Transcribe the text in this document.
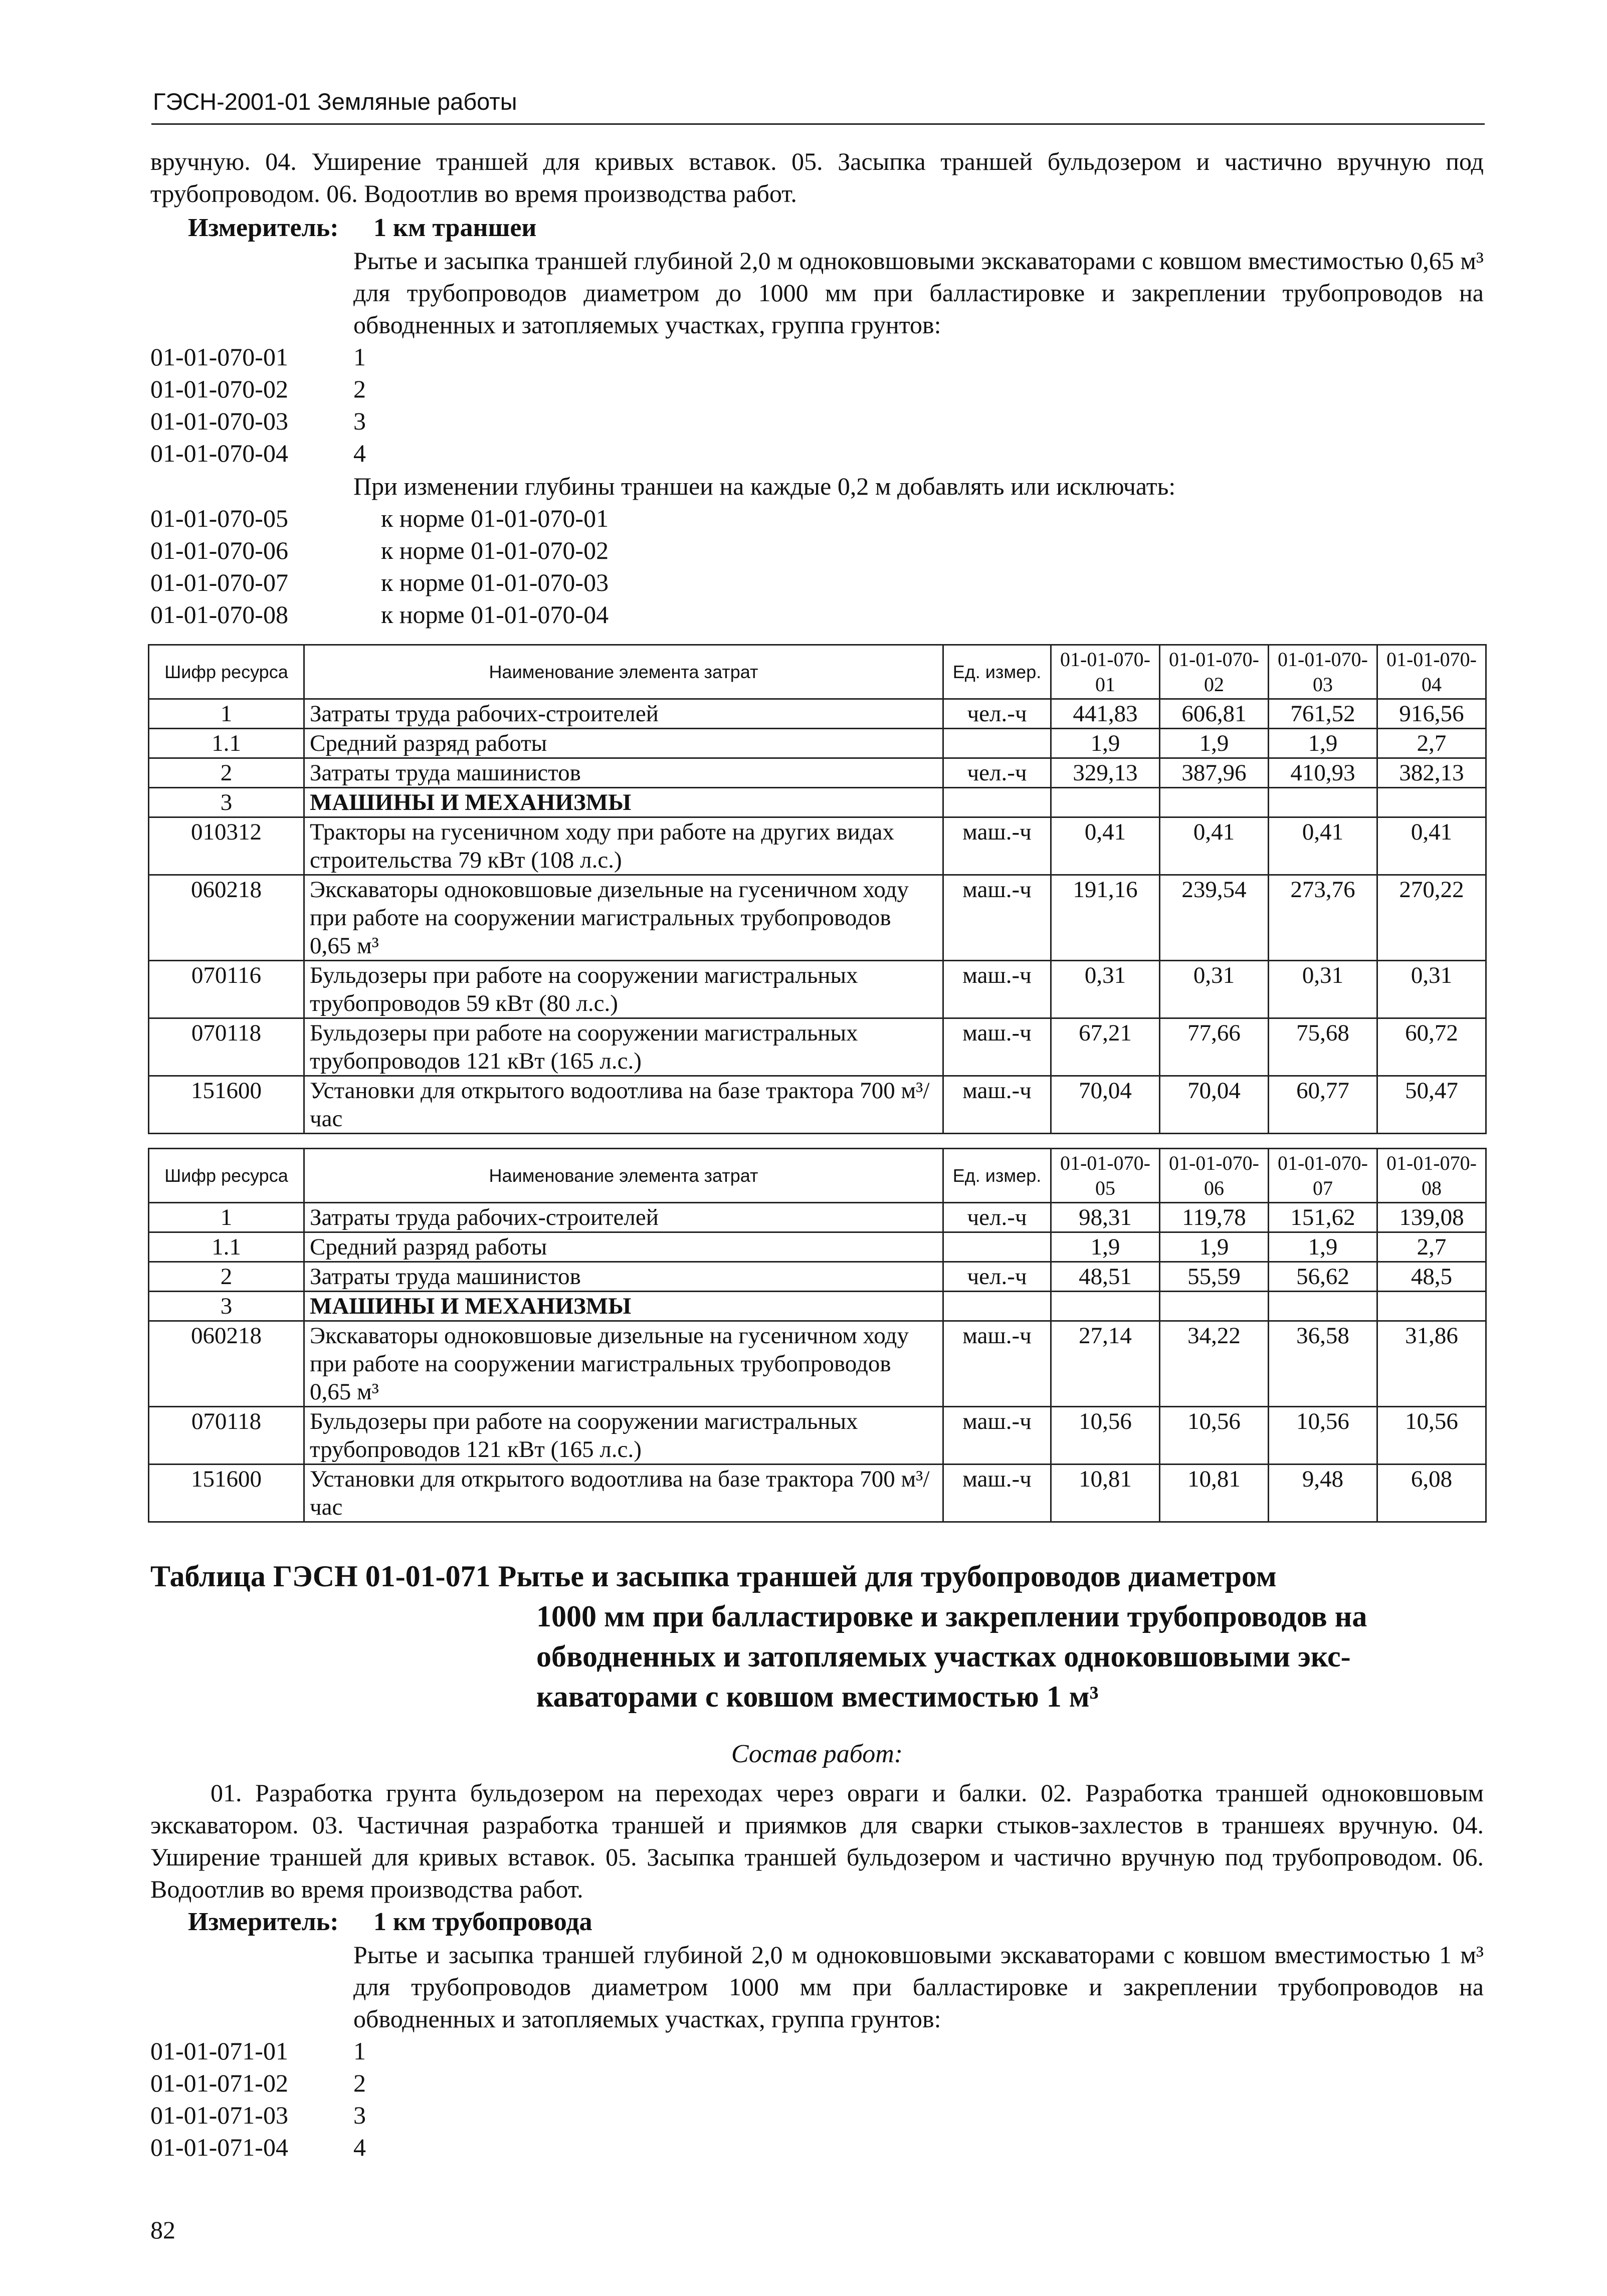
ГЭСН-2001-01 Земляные работы
вручную. 04. Уширение траншей для кривых вставок. 05. Засыпка траншей бульдозером и частично вручную под трубопроводом. 06. Водоотлив во время производства работ.
Измеритель: 1 км траншеи
Рытье и засыпка траншей глубиной 2,0 м одноковшовыми экскаваторами с ковшом вместимостью 0,65 м³ для трубопроводов диаметром до 1000 мм при балластировке и закреплении трубопроводов на обводненных и затопляемых участках, группа грунтов:
01-01-070-01	1
01-01-070-02	2
01-01-070-03	3
01-01-070-04	4
При изменении глубины траншеи на каждые 0,2 м добавлять или исключать:
01-01-070-05	к норме 01-01-070-01
01-01-070-06	к норме 01-01-070-02
01-01-070-07	к норме 01-01-070-03
01-01-070-08	к норме 01-01-070-04
Шифр ресурса	Наименование элемента затрат	Ед. измер.	01-01-070-01	01-01-070-02	01-01-070-03	01-01-070-04
1	Затраты труда рабочих-строителей	чел.-ч	441,83	606,81	761,52	916,56
1.1	Средний разряд работы		1,9	1,9	1,9	2,7
2	Затраты труда машинистов	чел.-ч	329,13	387,96	410,93	382,13
3	МАШИНЫ И МЕХАНИЗМЫ					
010312	Тракторы на гусеничном ходу при работе на других видах строительства 79 кВт (108 л.с.)	маш.-ч	0,41	0,41	0,41	0,41
060218	Экскаваторы одноковшовые дизельные на гусеничном ходу при работе на сооружении магистральных трубопроводов 0,65 м³	маш.-ч	191,16	239,54	273,76	270,22
070116	Бульдозеры при работе на сооружении магистральных трубопроводов 59 кВт (80 л.с.)	маш.-ч	0,31	0,31	0,31	0,31
070118	Бульдозеры при работе на сооружении магистральных трубопроводов 121 кВт (165 л.с.)	маш.-ч	67,21	77,66	75,68	60,72
151600	Установки для открытого водоотлива на базе трактора 700 м³/час	маш.-ч	70,04	70,04	60,77	50,47
Шифр ресурса	Наименование элемента затрат	Ед. измер.	01-01-070-05	01-01-070-06	01-01-070-07	01-01-070-08
1	Затраты труда рабочих-строителей	чел.-ч	98,31	119,78	151,62	139,08
1.1	Средний разряд работы		1,9	1,9	1,9	2,7
2	Затраты труда машинистов	чел.-ч	48,51	55,59	56,62	48,5
3	МАШИНЫ И МЕХАНИЗМЫ					
060218	Экскаваторы одноковшовые дизельные на гусеничном ходу при работе на сооружении магистральных трубопроводов 0,65 м³	маш.-ч	27,14	34,22	36,58	31,86
070118	Бульдозеры при работе на сооружении магистральных трубопроводов 121 кВт (165 л.с.)	маш.-ч	10,56	10,56	10,56	10,56
151600	Установки для открытого водоотлива на базе трактора 700 м³/час	маш.-ч	10,81	10,81	9,48	6,08
Таблица ГЭСН 01-01-071 Рытье и засыпка траншей для трубопроводов диаметром
1000 мм при балластировке и закреплении трубопроводов на
обводненных и затопляемых участках одноковшовыми экс-
каваторами с ковшом вместимостью 1 м³
Состав работ:
01. Разработка грунта бульдозером на переходах через овраги и балки. 02. Разработка траншей одноковшовым экскаватором. 03. Частичная разработка траншей и приямков для сварки стыков-захлестов в траншеях вручную. 04. Уширение траншей для кривых вставок. 05. Засыпка траншей бульдозером и частично вручную под трубопроводом. 06. Водоотлив во время производства работ.
Измеритель: 1 км трубопровода
Рытье и засыпка траншей глубиной 2,0 м одноковшовыми экскаваторами с ковшом вместимостью 1 м³ для трубопроводов диаметром 1000 мм при балластировке и закреплении трубопроводов на обводненных и затопляемых участках, группа грунтов:
01-01-071-01	1
01-01-071-02	2
01-01-071-03	3
01-01-071-04	4
82
